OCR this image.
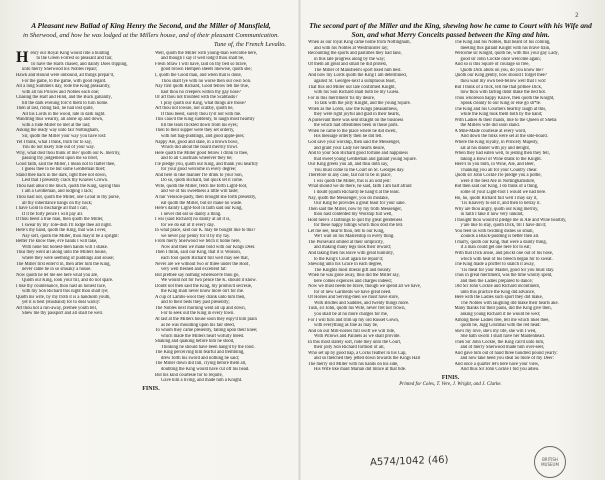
2
A Pleasant new Ballad of King Henry the Second, and the Miller of Mansfield,
in Sherwood, and how he was lodged at the Millers house, and of their pleasant Communication.
Tune of, the French Levalto.
H enry our Royal King would ride a hunting
to the Green Forrest so pleasant and fair,
To have the Harts chased, and dainty Does tripping,
unto merry Sherwood his Nobles repair;
Hawk and Hound were unbound, all things prepar'd,
For the game, to the game, with good regard.
All a long Summers day, rode the King pleasantly,
with all his Princes and Nobles each one;
Chasing the Hart and Hind, and the Buck gallantly,
till the dark evening forc'd them to turn home.
Then at last, riding fast, he had lost quite,
All his Lords in the wood, late in dark night.
Wandring thus wearily, all alone up and down,
with a rude Miller he met at the last;
Asking the ready way unto fair Nottingham,
Sir, quoth the Miller your way you have lost:
Yet I think, what I think, truth for to say,
You do not likely ride out of your way.
Why, what dost thou think of me? quoth our K. merrily,
passing thy judgement upon me so brief,
Good faith, said the Miller, I mean not to flatter thee,
I guess thee to be but some Gentleman thief;
Stand thee back in the dark, light thee not down,
Lest that I presently crack thy Knaves Crown.
Thou hast abus'd me much, quoth the King, saying thus
I am a Gentleman, and lodging I lack;
Thou hast not, quoth the Miller, one Groat in thy purse,
all thy inheritance hangs on thy back;
I have Gold to discharge all that I call,
If it be forty pence I will pay all.
If thou beest a true man, then quoth the Miller,
I swear by my Tole-dish I'll lodge thee all night.
Here's my hand, quoth the King, that was I ever,
Nay soft, quoth the Miller, thou may'st be a spright:
Better I'le know thee, e're hands I will take,
With none but honest-men hands will I shake.
Thus they went all along unto the Millers house,
where they were seething of puddings and souse;
The Miller first enter'd in, then after him the King,
never came he in so smoaky a house.
Now quoth he let me see here what you are,
Quoth our King, look your fill, and do not spare.
I like thy countenance, thou hast an honest face,
with my Son Richard this night thou shalt lye;
Quoth his wife, by my troth it is a handsom youth,
yet it is best (Husband) for to deal warily:
Art thou not a run-away, prethee youth tell,
Shew me thy passport and all shall be well.
Well, quoth the Miller with young-man welcome here,
and though I say it well lodg'd thou shalt be,
Fresh Straw I will have, laid on thy bed so brave,
good brown Hempen sheets likewise, quoth she;
I, quoth the Good man, and when that is done,
Thou shalt lye with no worse then our own Son.
Nay first quoth Richard, Good fellow tell me true,
hast thou no creepers within thy gay hose?
Or art thou not troubled with the Scabbado?
I pray quoth our King, what things are those?
Art thou not lowsie, nor scabby, quoth he,
If thou beest, surely thou ly'st not with me.
This caus'd the King suddenly, to laugh most heartily
till the tears trickled down from his eyes;
Then to their supper were they set orderly,
with hot bag-puddings, and good apple-pies;
Nappy Ale, good and stale, in a brown bowl,
Which did about the board merrily trowl.
Here quoth the Miller good fellow I drink to thee,
and to all Courtnals wherever they be;
I'le pledge you, quoth our King, and thank you heartily
for your good welcome in every degree;
And here in like manner I'le drink to your Son,
Do so, quoth Richard, but quick let it come.
Wife, quoth the Miller, fetch me forth Light-foot,
and we of his sweetness a little will taste;
A fair Venison-pasty, then brought she forth presently,
eat quoth the Miller, but sir make no waste.
Here's dainty Light-foot in faith said our King,
I never did eat so dainty a thing.
I wis (said Richard) no dainty at all it is,
for we do eat of it every day.
In what place, said our K. may be bought like to this?
we never pay penny for it by my fay.
From merry Sherwood we fetch it home here,
Now and then we make bold with our Kings Deer.
Then I think, said our King, that it is Venison,
each fool quoth Richard full well may see that,
Never are we without two or three under the Roof,
very well fleshed and excellent fat:
But prethee say nothing wheresoe're thou go,
We would not for two pence the K. should it know.
Doubt not then said the King, my promis'd secresie,
the King shall never know more on't for me.
A cup of Lambs-wool they drank unto him then,
and to their beds they past presently;
The Nobles next morning went all up and down,
For to seek out the King in every town.
At last at the Millers house soon they espy'd him plain
as he was mounting upon his fair steed,
To whom they came presently, falling upon their knee;
which made the Millers heart wofully bleed.
Shaking and quaking before him he stood,
Thinking he should have been hang'd by the rood.
The King perceiving him fearful and trembling,
drew forth his sword and nothing he said;
The Miller down did fall, crying before them all,
doubting the King would have cut off his head.
But his kind courtesie for to requite,
Gave him a living, and made him a Knight.
FINIS.
The second part of the Miller and the King, shewing how he came to Court with his Wife and Son, and what Merry Conceits passed between the King and him.
When as our royal King came home from Nottingham,
and with his Nobles at Westminster lay;
Recounting the sports and pastimes they had tane,
in this late progress along by the way;
Of them all great and small he did protest,
The Miller of Mansfield's sport liked him best.
And now my Lords quoth the King I am determined,
against St. Georges-next a sumptuous feast,
That this old Miller our late confirmed Knight,
with his Son Richard shall both be my Guess.
For in this merriment 'tis my desire,
To talk with the jolly Knight, and the young Squire.
When as the Lords, saw the Kings pleasantness,
they were right joyful and glad in their hearts,
A pursevant there was sent straight on the business
the which had oftentimes been in those parts.
When he came to the place where he did dwell,
His message orderly then he did tell.
God save your worship, then said the Messenger,
and grant your Lady her hearts desire,
And to your Son Richard good fortune and happiness
that sweet young Gentleman and gallant young Squire.
Our King greets you all, and thus doth say,
You must come to the Court on St. Georges day.
Therefore in any case, fail not to be in place,
I wis quoth the Miller, this is an odd jest:
What should we do there, he said, faith I am half afraid
I doubt (quoth Richard) be hang'd at the least.
Nay, quoth the Messenger, you do mistake,
Our King he provides a great feast for your sake.
Then said the Miller, now by my troth Messenger,
thou hast contented my Worship full well,
Hold here's 3 farthings to quit thy great gentleness
for these happy tidings which thou dost me tell.
Let me see, hear'st thou, tell to our King,
We'l wait on his Mastership in every thing.
The Pursevant smiled at their simplicity,
and making many legs took their reward;
And taking then his leave with great humility,
to the King's Court again he repair'd;
Shewing unto his Grace in each degree,
The Knights most liberal gift and bounty.
When he was gone away, thus did the Miller say,
here comes expences and charges indeed;
Now we must needs be brave, though we spend all we have,
for of new Garments we have great need.
Of Horses and Serving-men we must have store,
With Bridles and Saddles, and twenty things more.
Tush, sir John, quoth his Wife, never fret nor frown,
you shall be at no more charges for me,
For I will turn and trim up my old Russet Gown,
with everything as fine as may be,
And on our Mill-horses full swift we will ride,
With Pillows and Pannels as we shall provide.
In this most stately sort, rode they unto the Court,
their jolly Son Richard formost of all,
Who set up by good hap, a Cocks feather in his Cap,
and so thetched they jetted down towards the Kings Hall
The merry old Miller with his hands on his side,
His Wife like maid Marian did mince at that tide.
The King and his Nobles, that heard of his coming,
meeting this gallant Knight with his brave train,
Welcome sir Knight, quoth he, with this your gay Lady,
good sir John Cockle once welcome again;
And so is this Squire of courage so free,
Quoth Dick abots on you, do you know me?
Quoth our King gently, how should I forget thee?
thou wast my own bed-fellow well that I wot:
But I think of a trick, tell me that prithee Dick,
how thou with farting didst make the bed hot.
Thou whoreson happy Knave, then quoth the Knight,
Speak cleanly to our King or else go sh*te.
The King and his Courtiers heartily laugh at this,
while the King took them both by the hand;
With Ladies & their maids, like to the Queen of Sheba
the Millers wife did soon stand.
A Mile-Made courtesie at every word,
And down the folks were set at the side-board.
Where the King royally, in Princely Majesty,
sat at his dinner with joy and delight,
When they had eaten well, to jesting then they fell,
taking a Bowl of Wine drank to the Knight.
Here's to you both, in Wine, Ale, and Beer,
Thanking you all for your Country chear.
Quoth sir John Cockle I'le pledge you a pottle,
were it the best Ale in Nottinghamshire,
But then said our King, I do think of a thing,
some of your Light-foot I would we had here.
Ho, ho, quoth Richard full well I may say it,
'Tis Knavery to eat it, and then to betray it.
Why are thou angry, quoth our King merrily,
in faith I take it now very unkind,
I thought thou would'st pledge me in Ale and Wine heartily,
y'are like to stay, quoth Dick, till I have din'd;
You feed us with twidling dishes so small,
Zounds a Black-pudding is better then all.
I marry, quoth our King, that were a dainty thing,
if a man could get one here for to eat;
With that Dick arose, and pluckt one out of his hose,
which with heat of his breech began for to sweat.
The King made a proffer to snatch it away,
'Tis meat for your Master, good Sir you must stay.
Thus in great merriment, was the time wholly spent,
and then the Ladies prepared to dance;
Old Sir John Cockle and Richard incontinent,
unto this practice the King did advance,
Here with the Ladies such sport they did make,
The Nobles with laughing did make their hearts ake.
Many thanks for their pains, did the King give then,
asking young Richard if he would be wed;
Among these Ladies free, tell me which likes thee,
quoth he, Jugg Grumbal with the red head:
She's my love, she's my life, she will I wed,
She hath sworn I shall have her Maidenhead.
Then Sir John Cockle, the King call'd unto him,
and of merry Sherwood made him over-seer,
And gave him out of hand three hundred pound yearly:
and now take heed you steal no more of my Deer:
And once a quarter let's here have your view,
And thus Sir John Cockle I bid you adieu.
FINIS.
Printed for Coles, T. Vere, J. Wright, and J. Clarke.
A574/1042 (46)	BRITISH MUSEUM
